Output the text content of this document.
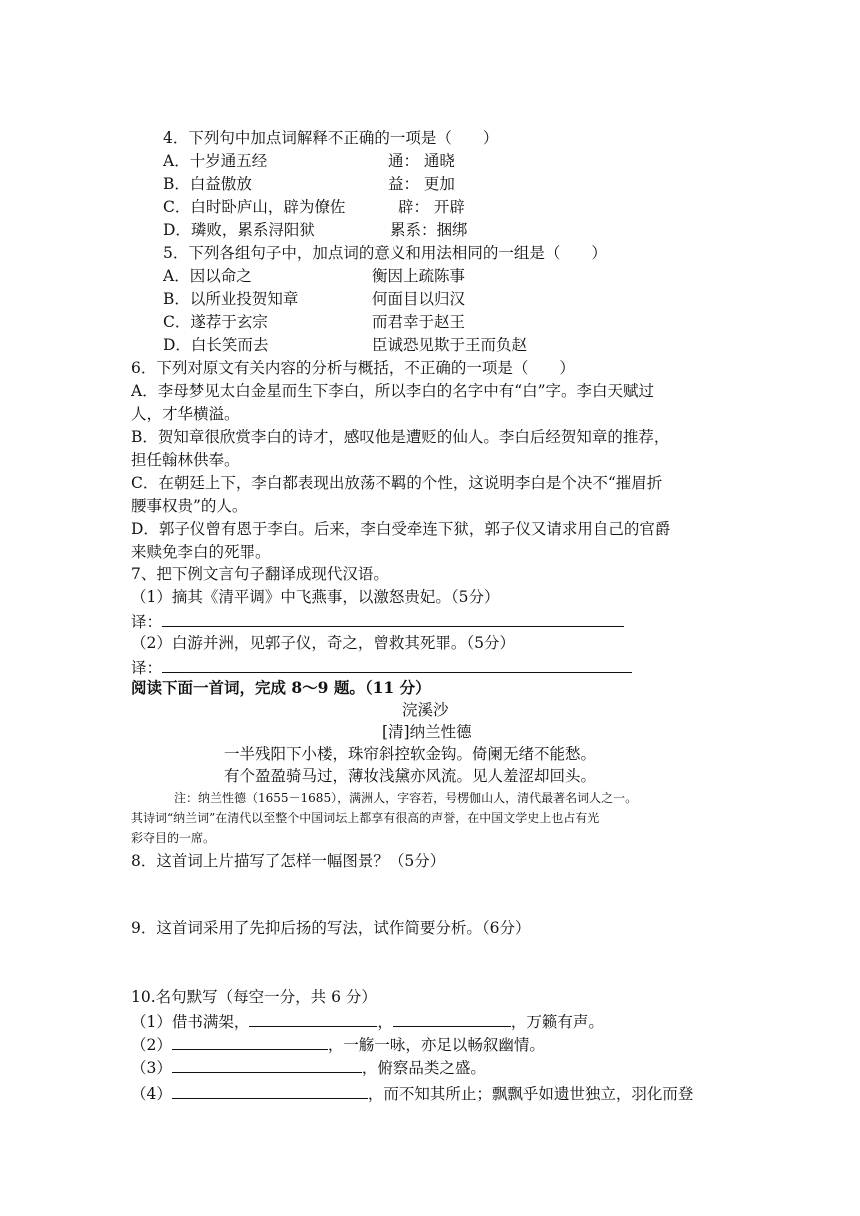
4．下列句中加点词解释不正确的一项是（　　）
A．十岁通五经	通： 通晓
B．白益傲放	益： 更加
C．白时卧庐山，辟为僚佐	辟： 开辟
D．璘败，累系浔阳狱	累系：捆绑
5．下列各组句子中，加点词的意义和用法相同的一组是（　　）
A．因以命之	衡因上疏陈事
B．以所业投贺知章	何面目以归汉
C．遂荐于玄宗	而君幸于赵王
D．白长笑而去	臣诚恐见欺于王而负赵
6．下列对原文有关内容的分析与概括，不正确的一项是（　　）
A．李母梦见太白金星而生下李白，所以李白的名字中有“白”字。李白天赋过
人，才华横溢。
B．贺知章很欣赏李白的诗才，感叹他是遭贬的仙人。李白后经贺知章的推荐，
担任翰林供奉。
C．在朝廷上下，李白都表现出放荡不羁的个性，这说明李白是个决不“摧眉折
腰事权贵”的人。
D．郭子仪曾有恩于李白。后来，李白受牵连下狱，郭子仪又请求用自己的官爵
来赎免李白的死罪。
7、把下例文言句子翻译成现代汉语。
（1）摘其《清平调》中飞燕事，以激怒贵妃。（5分）
译：
（2）白游并洲，见郭子仪，奇之，曾救其死罪。（5分）
译：
阅读下面一首词，完成 8～9 题。（11 分）
浣溪沙
[清]纳兰性德
一半残阳下小楼，珠帘斜控软金钩。倚阑无绪不能愁。
有个盈盈骑马过，薄妆浅黛亦风流。见人羞涩却回头。
注：纳兰性德（1655－1685），满洲人，字容若，号楞伽山人，清代最著名词人之一。
其诗词“纳兰词”在清代以至整个中国词坛上都享有很高的声誉，在中国文学史上也占有光
彩夺目的一席。
8．这首词上片描写了怎样一幅图景？（5分）
9．这首词采用了先抑后扬的写法，试作简要分析。（6分）
10.名句默写（每空一分，共 6 分）
（1）借书满架，	，	，万籁有声。
（2）	，一觞一咏，亦足以畅叙幽情。
（3）	，俯察品类之盛。
（4）	，而不知其所止；飘飘乎如遗世独立，羽化而登
